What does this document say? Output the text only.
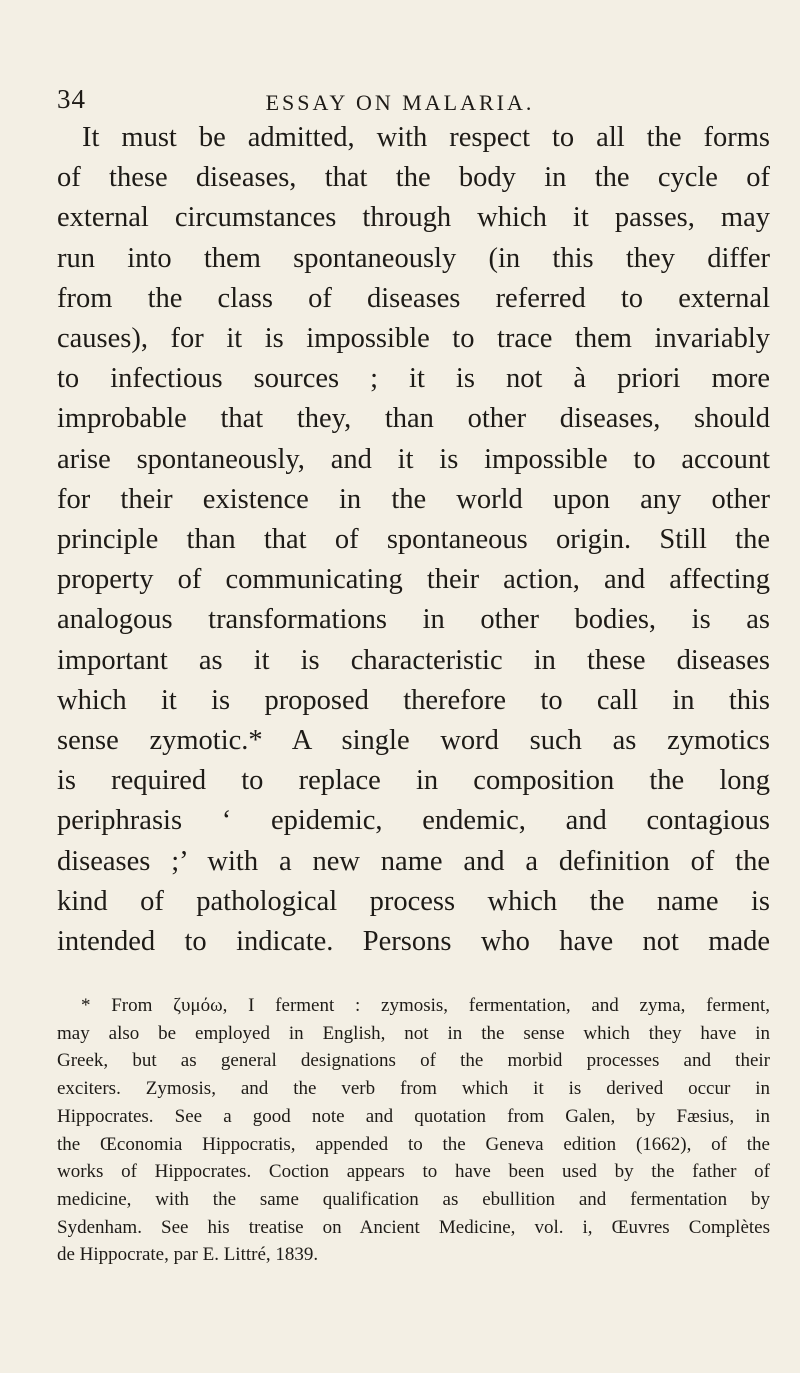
34	ESSAY ON MALARIA.
It must be admitted, with respect to all the forms
of these diseases, that the body in the cycle of
external circumstances through which it passes, may
run into them spontaneously (in this they differ
from the class of diseases referred to external
causes), for it is impossible to trace them invariably
to infectious sources ; it is not à priori more
improbable that they, than other diseases, should
arise spontaneously, and it is impossible to account
for their existence in the world upon any other
principle than that of spontaneous origin. Still the
property of communicating their action, and affecting
analogous transformations in other bodies, is as
important as it is characteristic in these diseases
which it is proposed therefore to call in this
sense zymotic.* A single word such as zymotics
is required to replace in composition the long
periphrasis ‘ epidemic, endemic, and contagious
diseases ;’ with a new name and a definition of the
kind of pathological process which the name is
intended to indicate. Persons who have not made
* From ζυμόω, I ferment : zymosis, fermentation, and zyma, ferment,
may also be employed in English, not in the sense which they have in
Greek, but as general designations of the morbid processes and their
exciters. Zymosis, and the verb from which it is derived occur in
Hippocrates. See a good note and quotation from Galen, by Fæsius, in
the Œconomia Hippocratis, appended to the Geneva edition (1662), of the
works of Hippocrates. Coction appears to have been used by the father of
medicine, with the same qualification as ebullition and fermentation by
Sydenham. See his treatise on Ancient Medicine, vol. i, Œuvres Complètes
de Hippocrate, par E. Littré, 1839.
